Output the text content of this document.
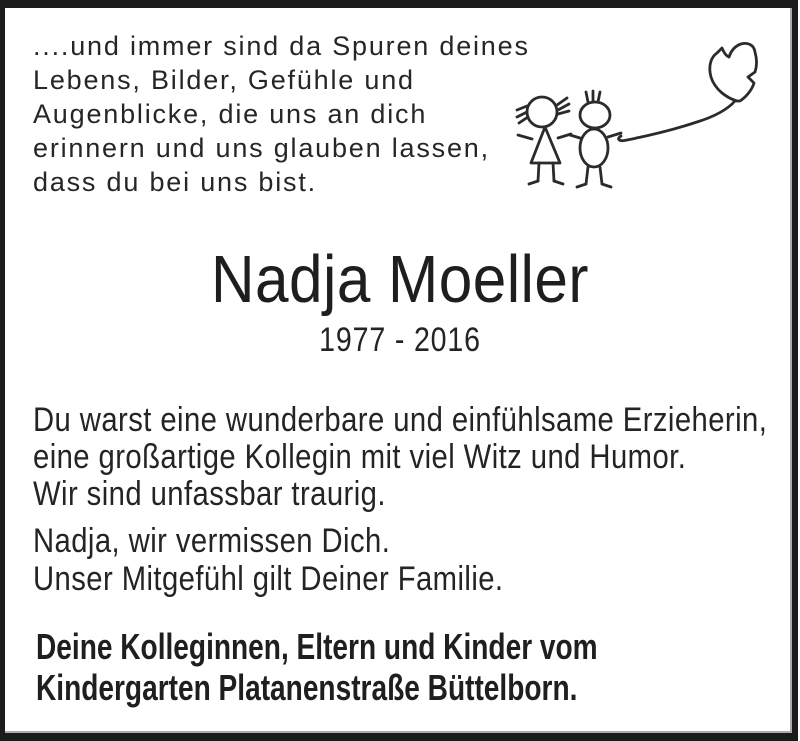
....und immer sind da Spuren deines
Lebens, Bilder, Gefühle und
Augenblicke, die uns an dich
erinnern und uns glauben lassen,
dass du bei uns bist.
Nadja Moeller
1977 - 2016
Du warst eine wunderbare und einfühlsame Erzieherin,
eine großartige Kollegin mit viel Witz und Humor.
Wir sind unfassbar traurig.
Nadja, wir vermissen Dich.
Unser Mitgefühl gilt Deiner Familie.
Deine Kolleginnen, Eltern und Kinder vom
Kindergarten Platanenstraße Büttelborn.
